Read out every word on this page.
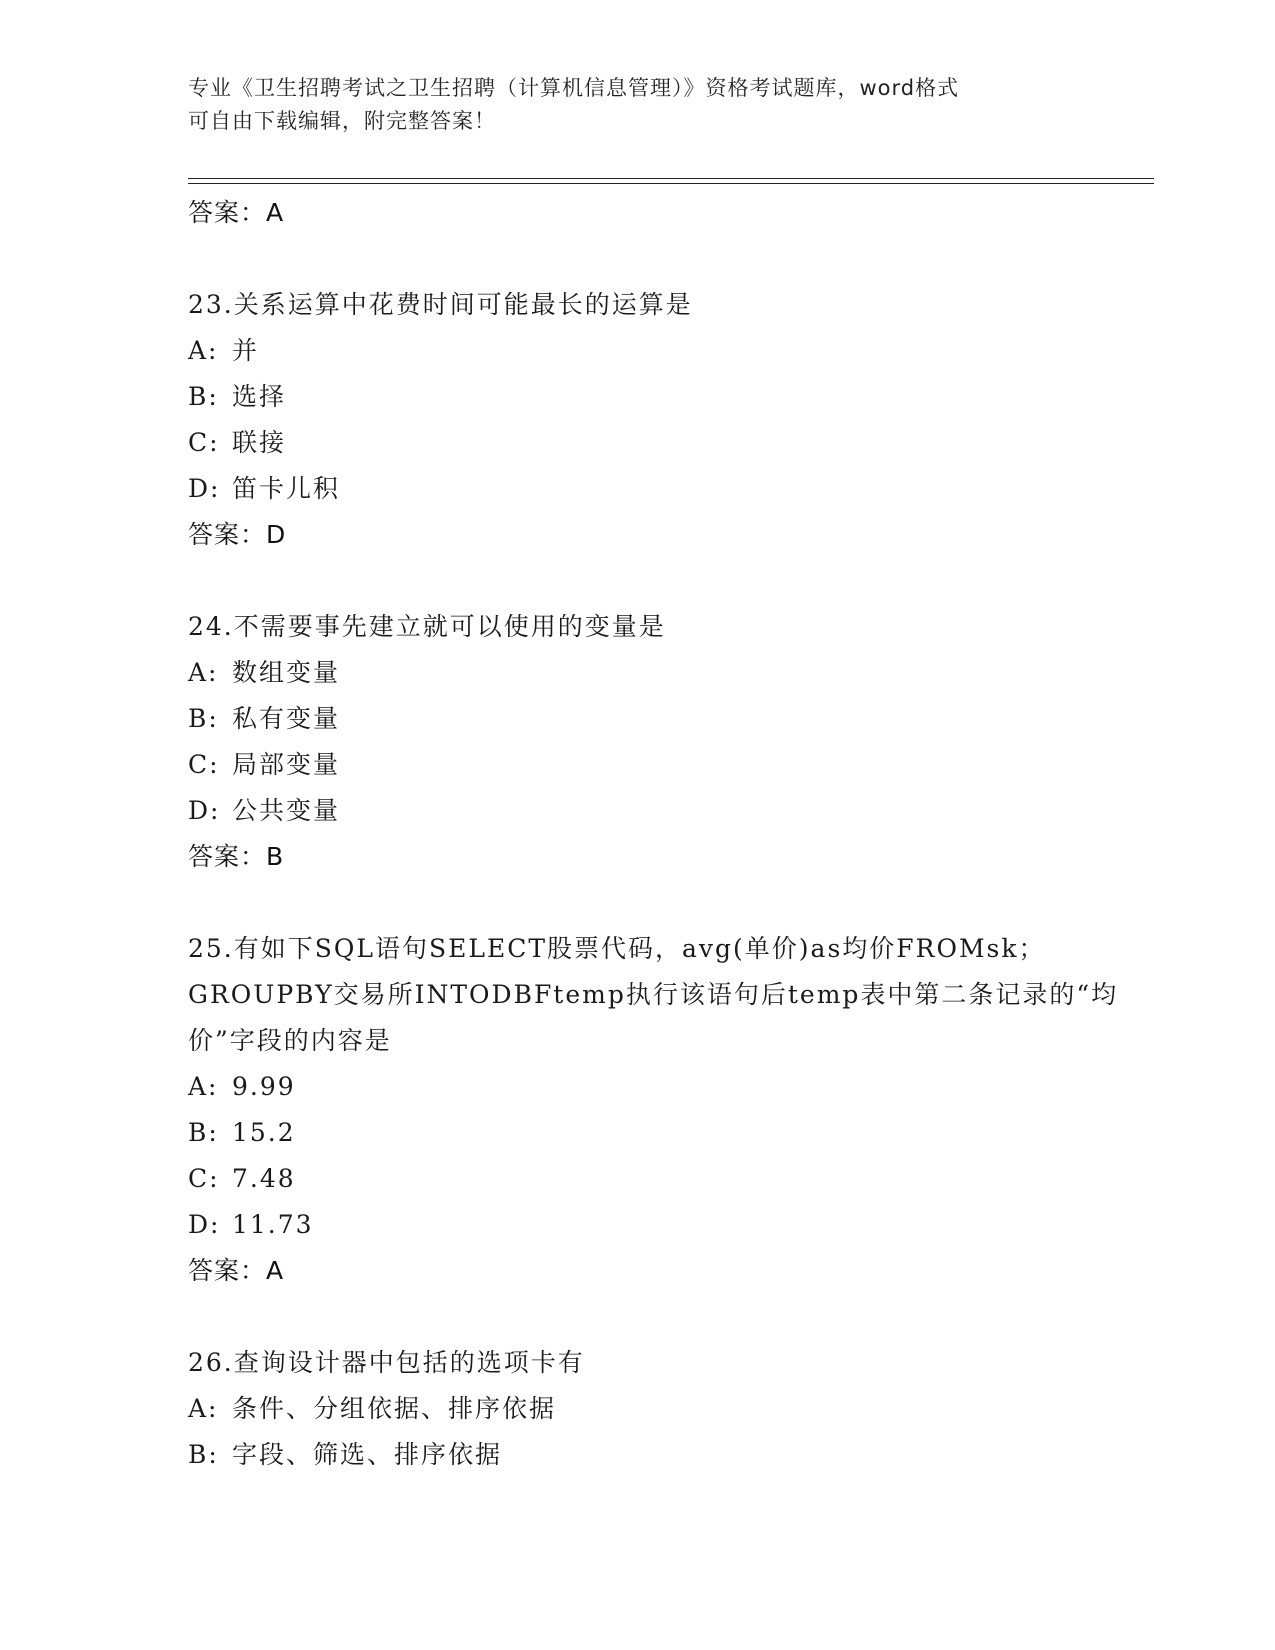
专业《卫生招聘考试之卫生招聘（计算机信息管理）》资格考试题库，word格式
可自由下载编辑，附完整答案！
答案：A
23.关系运算中花费时间可能最长的运算是
A: 并
B: 选择
C: 联接
D: 笛卡儿积
答案：D
24.不需要事先建立就可以使用的变量是
A: 数组变量
B: 私有变量
C: 局部变量
D: 公共变量
答案：B
25.有如下SQL语句SELECT股票代码，avg(单价)as均价FROMsk；GROUPBY交易所INTODBFtemp执行该语句后temp表中第二条记录的“均价”字段的内容是
A: 9.99
B: 15.2
C: 7.48
D: 11.73
答案：A
26.查询设计器中包括的选项卡有
A: 条件、分组依据、排序依据
B: 字段、筛选、排序依据
